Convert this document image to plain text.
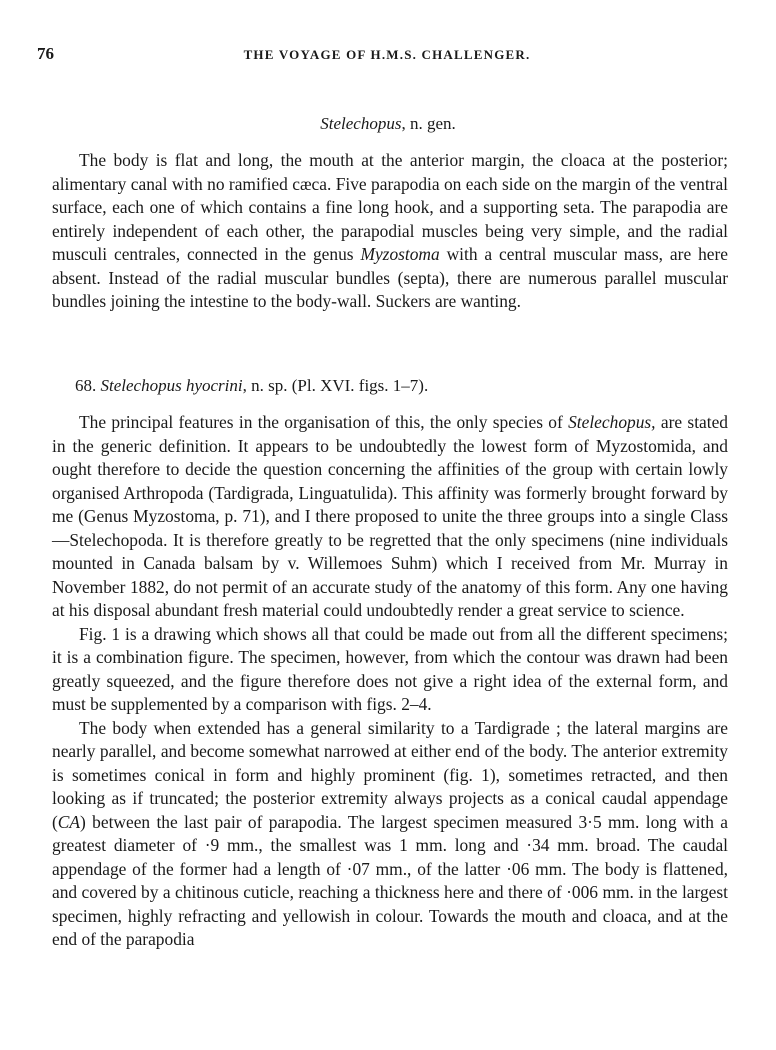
76	THE VOYAGE OF H.M.S. CHALLENGER.
Stelechopus, n. gen.

The body is flat and long, the mouth at the anterior margin, the cloaca at the posterior; alimentary canal with no ramified cæca. Five parapodia on each side on the margin of the ventral surface, each one of which contains a fine long hook, and a supporting seta. The parapodia are entirely independent of each other, the parapodial muscles being very simple, and the radial musculi centrales, connected in the genus Myzostoma with a central muscular mass, are here absent. Instead of the radial muscular bundles (septa), there are numerous parallel muscular bundles joining the intestine to the body-wall. Suckers are wanting.

68. Stelechopus hyocrini, n. sp. (Pl. XVI. figs. 1–7).

The principal features in the organisation of this, the only species of Stelechopus, are stated in the generic definition. It appears to be undoubtedly the lowest form of Myzostomida, and ought therefore to decide the question concerning the affinities of the group with certain lowly organised Arthropoda (Tardigrada, Linguatulida). This affinity was formerly brought forward by me (Genus Myzostoma, p. 71), and I there proposed to unite the three groups into a single Class—Stelechopoda. It is therefore greatly to be regretted that the only specimens (nine individuals mounted in Canada balsam by v. Willemoes Suhm) which I received from Mr. Murray in November 1882, do not permit of an accurate study of the anatomy of this form. Any one having at his disposal abundant fresh material could undoubtedly render a great service to science.

Fig. 1 is a drawing which shows all that could be made out from all the different specimens; it is a combination figure. The specimen, however, from which the contour was drawn had been greatly squeezed, and the figure therefore does not give a right idea of the external form, and must be supplemented by a comparison with figs. 2–4.

The body when extended has a general similarity to a Tardigrade ; the lateral margins are nearly parallel, and become somewhat narrowed at either end of the body. The anterior extremity is sometimes conical in form and highly prominent (fig. 1), sometimes retracted, and then looking as if truncated; the posterior extremity always projects as a conical caudal appendage (CA) between the last pair of parapodia. The largest specimen measured 3·5 mm. long with a greatest diameter of ·9 mm., the smallest was 1 mm. long and ·34 mm. broad. The caudal appendage of the former had a length of ·07 mm., of the latter ·06 mm. The body is flattened, and covered by a chitinous cuticle, reaching a thickness here and there of ·006 mm. in the largest specimen, highly refracting and yellowish in colour. Towards the mouth and cloaca, and at the end of the parapodia
